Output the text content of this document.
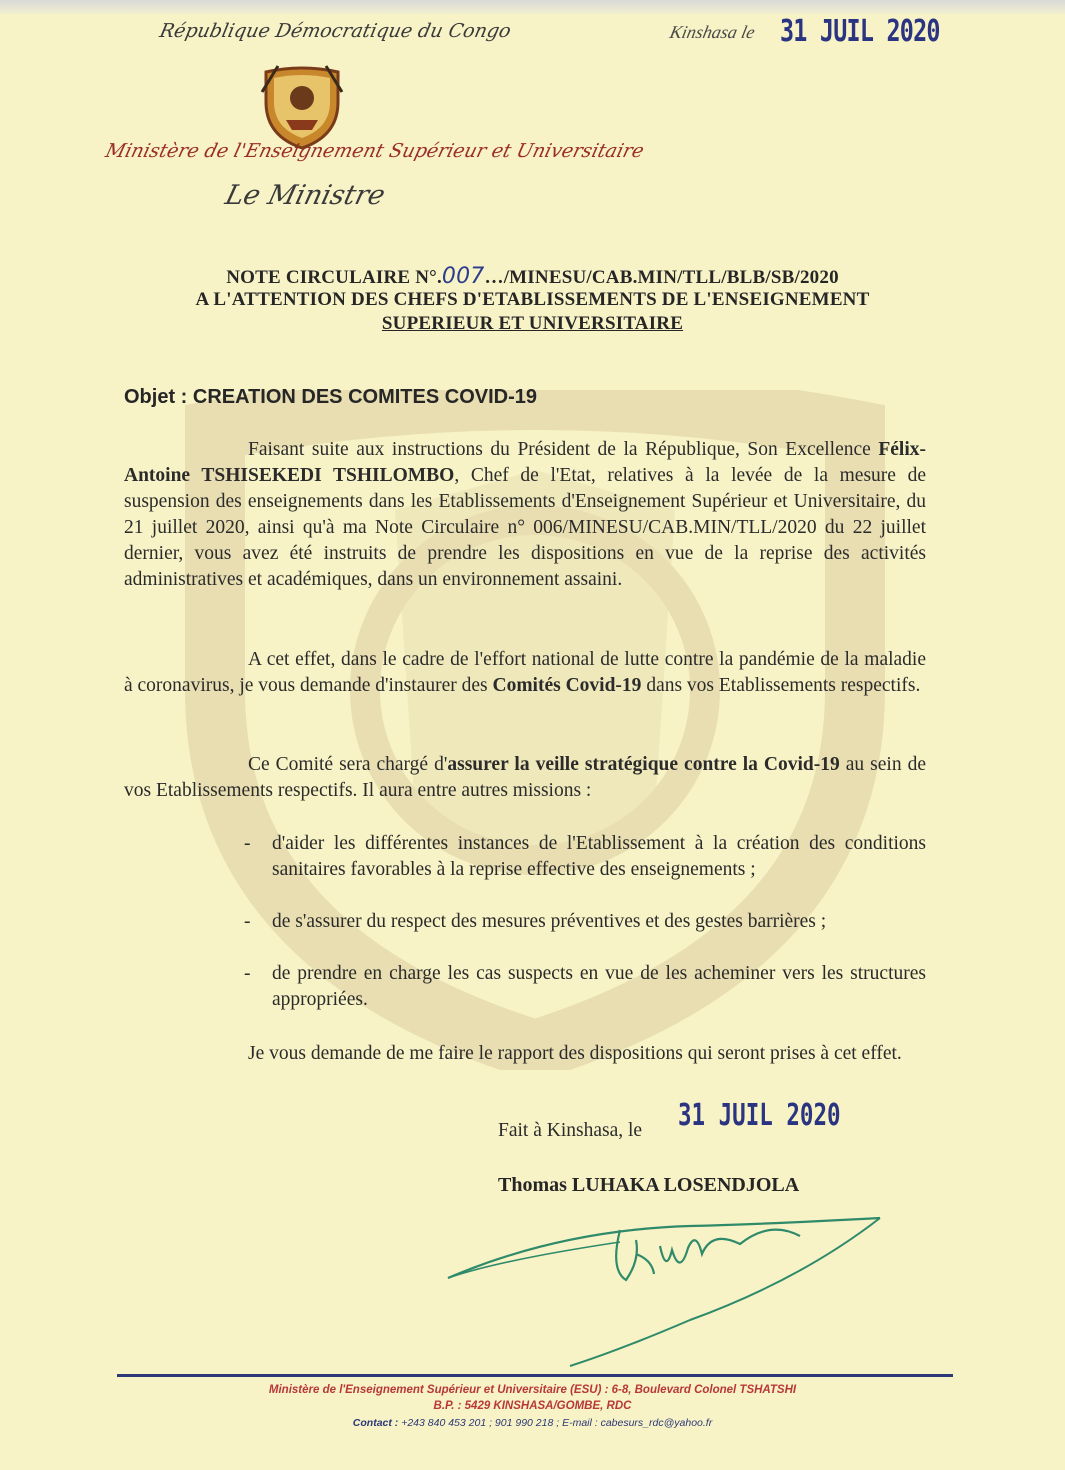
République Démocratique du Congo	Kinshasa le 31 JUIL 2020
Ministère de l'Enseignement Supérieur et Universitaire
Le Ministre
NOTE CIRCULAIRE N°.007…/MINESU/CAB.MIN/TLL/BLB/SB/2020
A L'ATTENTION DES CHEFS D'ETABLISSEMENTS DE L'ENSEIGNEMENT
SUPERIEUR ET UNIVERSITAIRE
Objet : CREATION DES COMITES COVID-19
Faisant suite aux instructions du Président de la République, Son Excellence Félix-Antoine TSHISEKEDI TSHILOMBO, Chef de l'Etat, relatives à la levée de la mesure de suspension des enseignements dans les Etablissements d'Enseignement Supérieur et Universitaire, du 21 juillet 2020, ainsi qu'à ma Note Circulaire n° 006/MINESU/CAB.MIN/TLL/2020 du 22 juillet dernier, vous avez été instruits de prendre les dispositions en vue de la reprise des activités administratives et académiques, dans un environnement assaini.
A cet effet, dans le cadre de l'effort national de lutte contre la pandémie de la maladie à coronavirus, je vous demande d'instaurer des Comités Covid-19 dans vos Etablissements respectifs.
Ce Comité sera chargé d'assurer la veille stratégique contre la Covid-19 au sein de vos Etablissements respectifs. Il aura entre autres missions :
- d'aider les différentes instances de l'Etablissement à la création des conditions sanitaires favorables à la reprise effective des enseignements ;
- de s'assurer du respect des mesures préventives et des gestes barrières ;
- de prendre en charge les cas suspects en vue de les acheminer vers les structures appropriées.
Je vous demande de me faire le rapport des dispositions qui seront prises à cet effet.
Fait à Kinshasa, le 31 JUIL 2020
Thomas LUHAKA LOSENDJOLA
Ministère de l'Enseignement Supérieur et Universitaire (ESU) : 6-8, Boulevard Colonel TSHATSHI
B.P. : 5429 KINSHASA/GOMBE, RDC
Contact : +243 840 453 201 ; 901 990 218 ; E-mail : cabesurs_rdc@yahoo.fr
